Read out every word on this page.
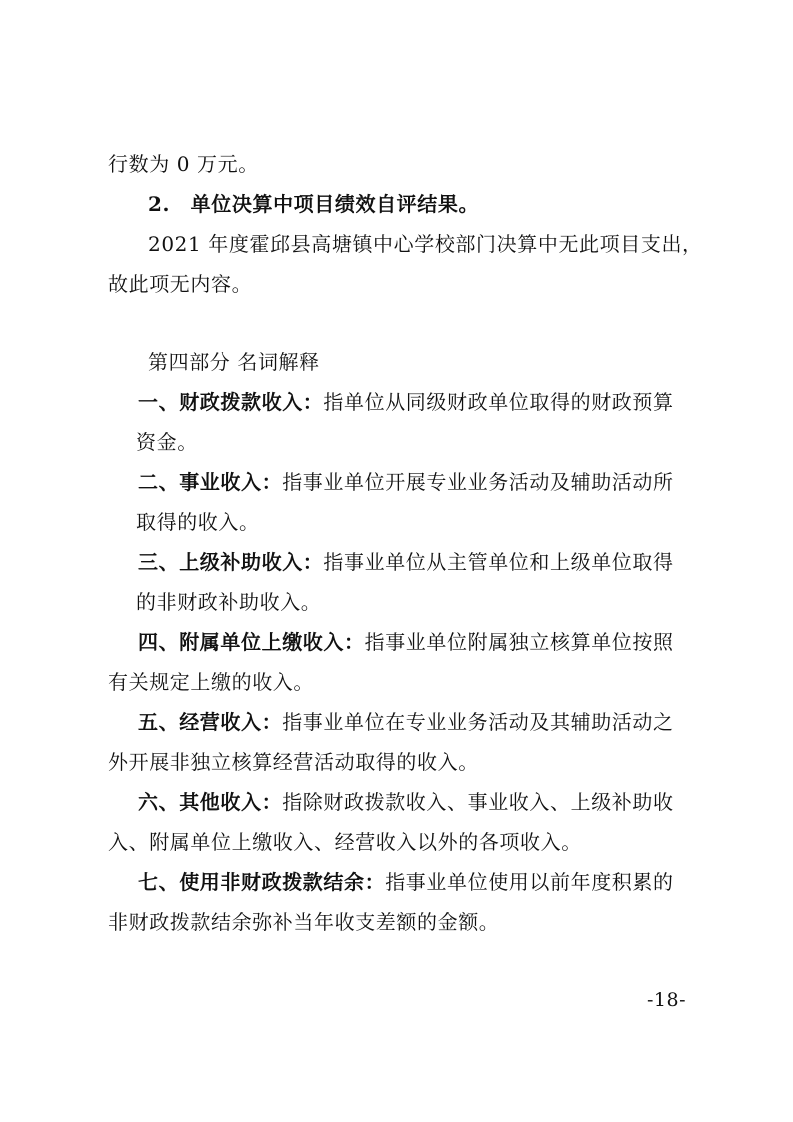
行数为 0 万元。
2.　单位决算中项目绩效自评结果。
2021 年度霍邱县高塘镇中心学校部门决算中无此项目支出，
故此项无内容。
第四部分 名词解释
一、财政拨款收入：指单位从同级财政单位取得的财政预算
资金。
二、事业收入：指事业单位开展专业业务活动及辅助活动所
取得的收入。
三、上级补助收入：指事业单位从主管单位和上级单位取得
的非财政补助收入。
四、附属单位上缴收入：指事业单位附属独立核算单位按照
有关规定上缴的收入。
五、经营收入：指事业单位在专业业务活动及其辅助活动之
外开展非独立核算经营活动取得的收入。
六、其他收入：指除财政拨款收入、事业收入、上级补助收
入、附属单位上缴收入、经营收入以外的各项收入。
七、使用非财政拨款结余：指事业单位使用以前年度积累的
非财政拨款结余弥补当年收支差额的金额。
-18-
